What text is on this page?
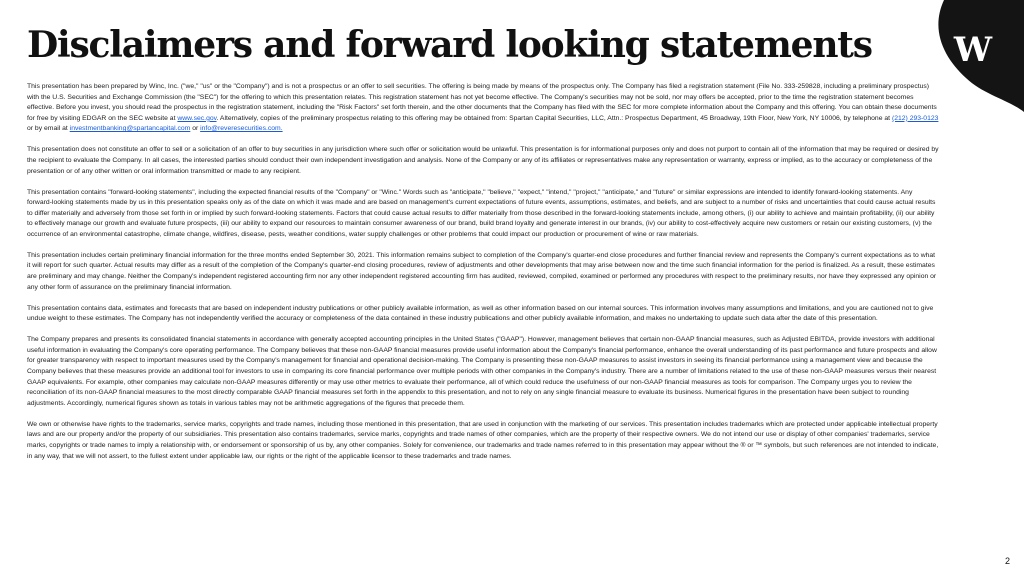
Disclaimers and forward looking statements W

This presentation has been prepared by Winc, Inc. ("we," "us" or the "Company") and is not a prospectus or an offer to sell securities. The offering is being made by means of the prospectus only. The Company has filed a registration statement (File No. 333-259828, including a preliminary prospectus) with the U.S. Securities and Exchange Commission (the "SEC") for the offering to which this presentation relates. This registration statement has not yet become effective. The Company's securities may not be sold, nor may offers be accepted, prior to the time the registration statement becomes effective. Before you invest, you should read the prospectus in the registration statement, including the "Risk Factors" set forth therein, and the other documents that the Company has filed with the SEC for more complete information about the Company and this offering. You can obtain these documents for free by visiting EDGAR on the SEC website at www.sec.gov. Alternatively, copies of the preliminary prospectus relating to this offering may be obtained from: Spartan Capital Securities, LLC, Attn.: Prospectus Department, 45 Broadway, 19th Floor, New York, NY 10006, by telephone at (212) 293-0123 or by email at investmentbanking@spartancapital.com or info@reveresecurities.com.

This presentation does not constitute an offer to sell or a solicitation of an offer to buy securities in any jurisdiction where such offer or solicitation would be unlawful. This presentation is for informational purposes only and does not purport to contain all of the information that may be required or desired by the recipient to evaluate the Company. In all cases, the interested parties should conduct their own independent investigation and analysis. None of the Company or any of its affiliates or representatives make any representation or warranty, express or implied, as to the accuracy or completeness of the presentation or of any other written or oral information transmitted or made to any recipient.

This presentation contains "forward-looking statements", including the expected financial results of the "Company" or "Winc." Words such as "anticipate," "believe," "expect," "intend," "project," "anticipate," and "future" or similar expressions are intended to identify forward-looking statements. Any forward-looking statements made by us in this presentation speaks only as of the date on which it was made and are based on management's current expectations of future events, assumptions, estimates, and beliefs, and are subject to a number of risks and uncertainties that could cause actual results to differ materially and adversely from those set forth in or implied by such forward-looking statements. Factors that could cause actual results to differ materially from those described in the forward-looking statements include, among others, (i) our ability to achieve and maintain profitability, (ii) our ability to effectively manage our growth and evaluate future prospects, (iii) our ability to expand our resources to maintain consumer awareness of our brand, build brand loyalty and generate interest in our brands, (iv) our ability to cost-effectively acquire new customers or retain our existing customers, (v) the occurrence of an environmental catastrophe, climate change, wildfires, disease, pests, weather conditions, water supply challenges or other problems that could impact our production or procurement of wine or raw materials.

This presentation includes certain preliminary financial information for the three months ended September 30, 2021. This information remains subject to completion of the Company's quarter-end close procedures and further financial review and represents the Company's current expectations as to what it will report for such quarter. Actual results may differ as a result of the completion of the Company's quarter-end closing procedures, review of adjustments and other developments that may arise between now and the time such financial information for the period is finalized. As a result, these estimates are preliminary and may change. Neither the Company's independent registered accounting firm nor any other independent registered accounting firm has audited, reviewed, compiled, examined or performed any procedures with respect to the preliminary results, nor have they expressed any opinion or any other form of assurance on the preliminary financial information.

This presentation contains data, estimates and forecasts that are based on independent industry publications or other publicly available information, as well as other information based on our internal sources. This information involves many assumptions and limitations, and you are cautioned not to give undue weight to these estimates. The Company has not independently verified the accuracy or completeness of the data contained in these industry publications and other publicly available information, and makes no undertaking to update such data after the date of this presentation.

The Company prepares and presents its consolidated financial statements in accordance with generally accepted accounting principles in the United States ("GAAP"). However, management believes that certain non-GAAP financial measures, such as Adjusted EBITDA, provide investors with additional useful information in evaluating the Company's core operating performance. The Company believes that these non-GAAP financial measures provide useful information about the Company's financial performance, enhance the overall understanding of its past performance and future prospects and allow for greater transparency with respect to important measures used by the Company's management for financial and operational decision-making. The Company is presenting these non-GAAP measures to assist investors in seeing its financial performance using a management view and because the Company believes that these measures provide an additional tool for investors to use in comparing its core financial performance over multiple periods with other companies in the Company's industry. There are a number of limitations related to the use of these non-GAAP measures versus their nearest GAAP equivalents. For example, other companies may calculate non-GAAP measures differently or may use other metrics to evaluate their performance, all of which could reduce the usefulness of our non-GAAP financial measures as tools for comparison. The Company urges you to review the reconciliation of its non-GAAP financial measures to the most directly comparable GAAP financial measures set forth in the appendix to this presentation, and not to rely on any single financial measure to evaluate its business. Numerical figures in the presentation have been subject to rounding adjustments. Accordingly, numerical figures shown as totals in various tables may not be arithmetic aggregations of the figures that precede them.

We own or otherwise have rights to the trademarks, service marks, copyrights and trade names, including those mentioned in this presentation, that are used in conjunction with the marketing of our services. This presentation includes trademarks which are protected under applicable intellectual property laws and are our property and/or the property of our subsidiaries. This presentation also contains trademarks, service marks, copyrights and trade names of other companies, which are the property of their respective owners. We do not intend our use or display of other companies' trademarks, service marks, copyrights or trade names to imply a relationship with, or endorsement or sponsorship of us by, any other companies. Solely for convenience, our trademarks and trade names referred to in this presentation may appear without the ® or ™ symbols, but such references are not intended to indicate, in any way, that we will not assert, to the fullest extent under applicable law, our rights or the right of the applicable licensor to these trademarks and trade names.

2
